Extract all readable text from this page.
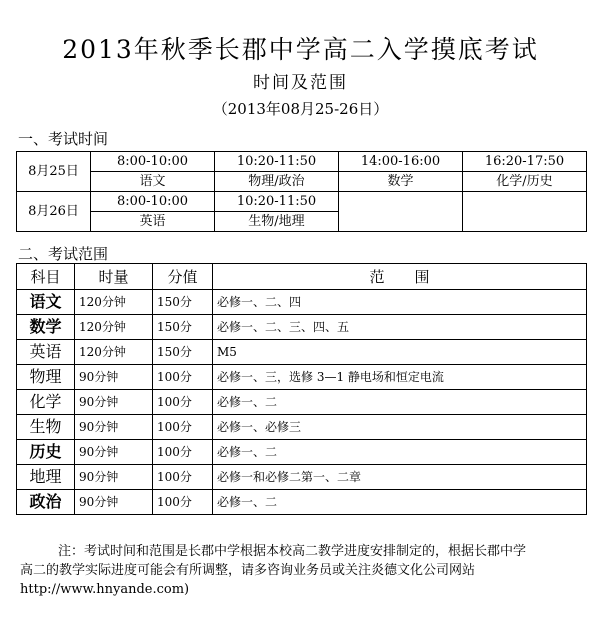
2013年秋季长郡中学高二入学摸底考试
时间及范围
（2013年08月25-26日）
一、考试时间
8月25日	8:00-10:00	10:20-11:50	14:00-16:00	16:20-17:50
	语文	物理/政治	数学	化学/历史
8月26日	8:00-10:00	10:20-11:50		
	英语	生物/地理		
二、考试范围
科目	时量	分值	范　　围
语文	120分钟	150分	必修一、二、四
数学	120分钟	150分	必修一、二、三、四、五
英语	120分钟	150分	M5
物理	90分钟	100分	必修一、三，选修 3—1 静电场和恒定电流
化学	90分钟	100分	必修一、二
生物	90分钟	100分	必修一、必修三
历史	90分钟	100分	必修一、二
地理	90分钟	100分	必修一和必修二第一、二章
政治	90分钟	100分	必修一、二
注：考试时间和范围是长郡中学根据本校高二教学进度安排制定的，根据长郡中学
高二的教学实际进度可能会有所调整，请多咨询业务员或关注炎德文化公司网站
http://www.hnyande.com)
